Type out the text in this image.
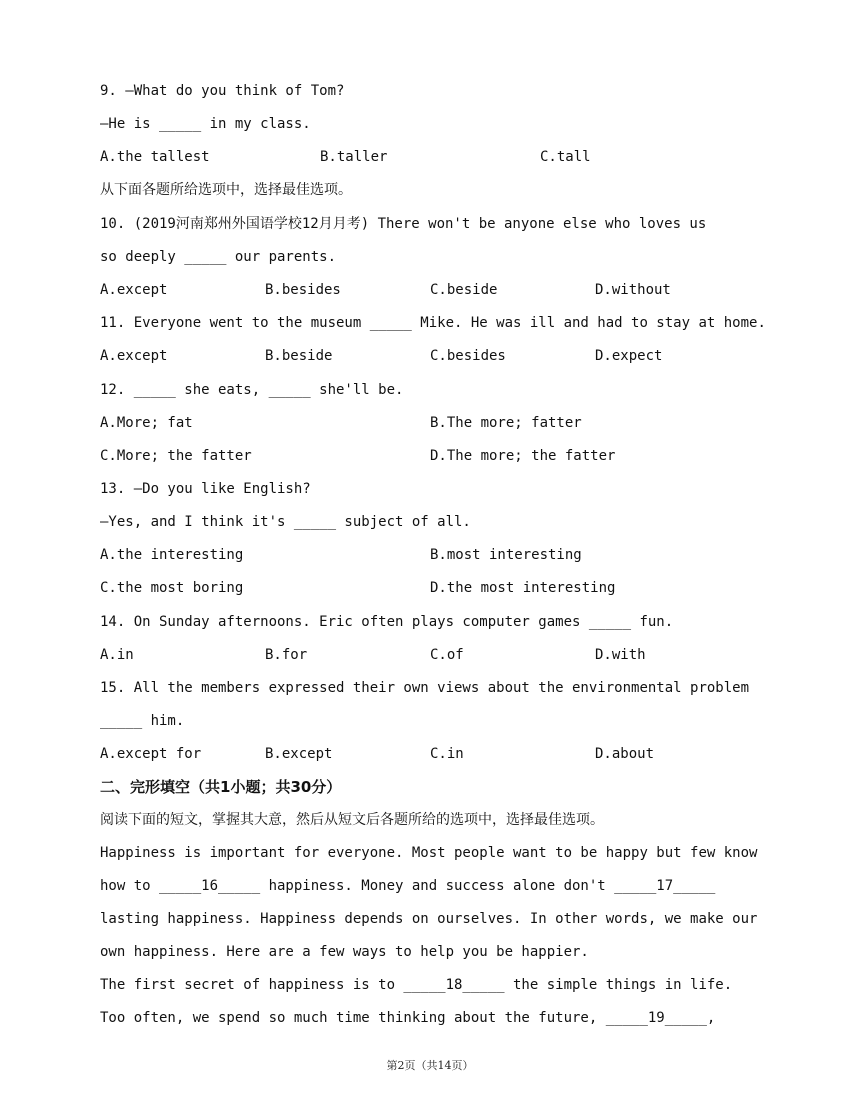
9. —What do you think of Tom?
—He is _____ in my class.
A.the tallest	B.taller	C.tall
从下面各题所给选项中，选择最佳选项。
10. (2019河南郑州外国语学校12月月考) There won't be anyone else who loves us
so deeply _____ our parents.
A.except	B.besides	C.beside	D.without
11. Everyone went to the museum _____ Mike. He was ill and had to stay at home.
A.except	B.beside	C.besides	D.expect
12. _____ she eats, _____ she'll be.
A.More; fat	B.The more; fatter
C.More; the fatter	D.The more; the fatter
13. —Do you like English?
—Yes, and I think it's _____ subject of all.
A.the interesting	B.most interesting
C.the most boring	D.the most interesting
14. On Sunday afternoons. Eric often plays computer games _____ fun.
A.in	B.for	C.of	D.with
15. All the members expressed their own views about the environmental problem
_____ him.
A.except for	B.except	C.in	D.about
二、完形填空（共1小题；共30分）
阅读下面的短文，掌握其大意，然后从短文后各题所给的选项中，选择最佳选项。
Happiness is important for everyone. Most people want to be happy but few know
how to _____16_____ happiness. Money and success alone don't _____17_____
lasting happiness. Happiness depends on ourselves. In other words, we make our
own happiness. Here are a few ways to help you be happier.
The first secret of happiness is to _____18_____ the simple things in life.
Too often, we spend so much time thinking about the future, _____19_____,
第2页（共14页）
